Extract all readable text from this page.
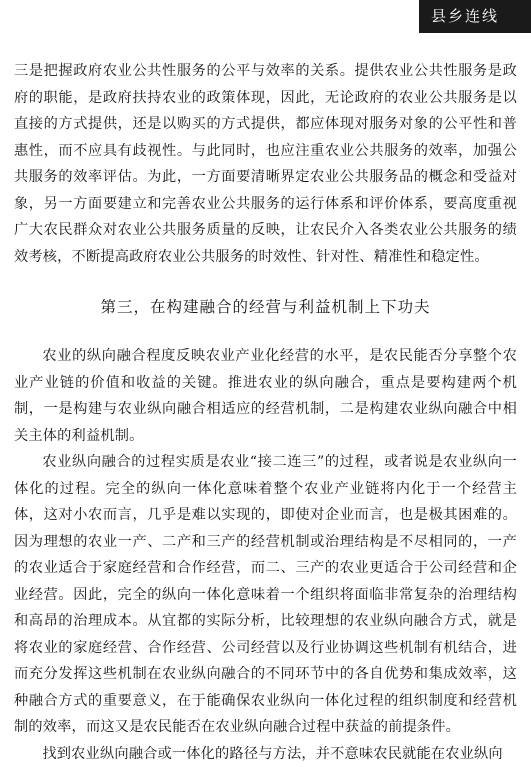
县乡连线

三是把握政府农业公共性服务的公平与效率的关系。提供农业公共性服务是政府的职能，是政府扶持农业的政策体现，因此，无论政府的农业公共服务是以直接的方式提供，还是以购买的方式提供，都应体现对服务对象的公平性和普惠性，而不应具有歧视性。与此同时，也应注重农业公共服务的效率，加强公共服务的效率评估。为此，一方面要清晰界定农业公共服务品的概念和受益对象，另一方面要建立和完善农业公共服务的运行体系和评价体系，要高度重视广大农民群众对农业公共服务质量的反映，让农民介入各类农业公共服务的绩效考核，不断提高政府农业公共服务的时效性、针对性、精准性和稳定性。

第三，在构建融合的经营与利益机制上下功夫

农业的纵向融合程度反映农业产业化经营的水平，是农民能否分享整个农业产业链的价值和收益的关键。推进农业的纵向融合，重点是要构建两个机制，一是构建与农业纵向融合相适应的经营机制，二是构建农业纵向融合中相关主体的利益机制。

农业纵向融合的过程实质是农业“接二连三”的过程，或者说是农业纵向一体化的过程。完全的纵向一体化意味着整个农业产业链将内化于一个经营主体，这对小农而言，几乎是难以实现的，即使对企业而言，也是极其困难的。因为理想的农业一产、二产和三产的经营机制或治理结构是不尽相同的，一产的农业适合于家庭经营和合作经营，而二、三产的农业更适合于公司经营和企业经营。因此，完全的纵向一体化意味着一个组织将面临非常复杂的治理结构和高昂的治理成本。从宜都的实际分析，比较理想的农业纵向融合方式，就是将农业的家庭经营、合作经营、公司经营以及行业协调这些机制有机结合，进而充分发挥这些机制在农业纵向融合的不同环节中的各自优势和集成效率，这种融合方式的重要意义，在于能确保农业纵向一体化过程的组织制度和经营机制的效率，而这又是农民能否在农业纵向融合过程中获益的前提条件。

找到农业纵向融合或一体化的路径与方法，并不意味农民就能在农业纵向
